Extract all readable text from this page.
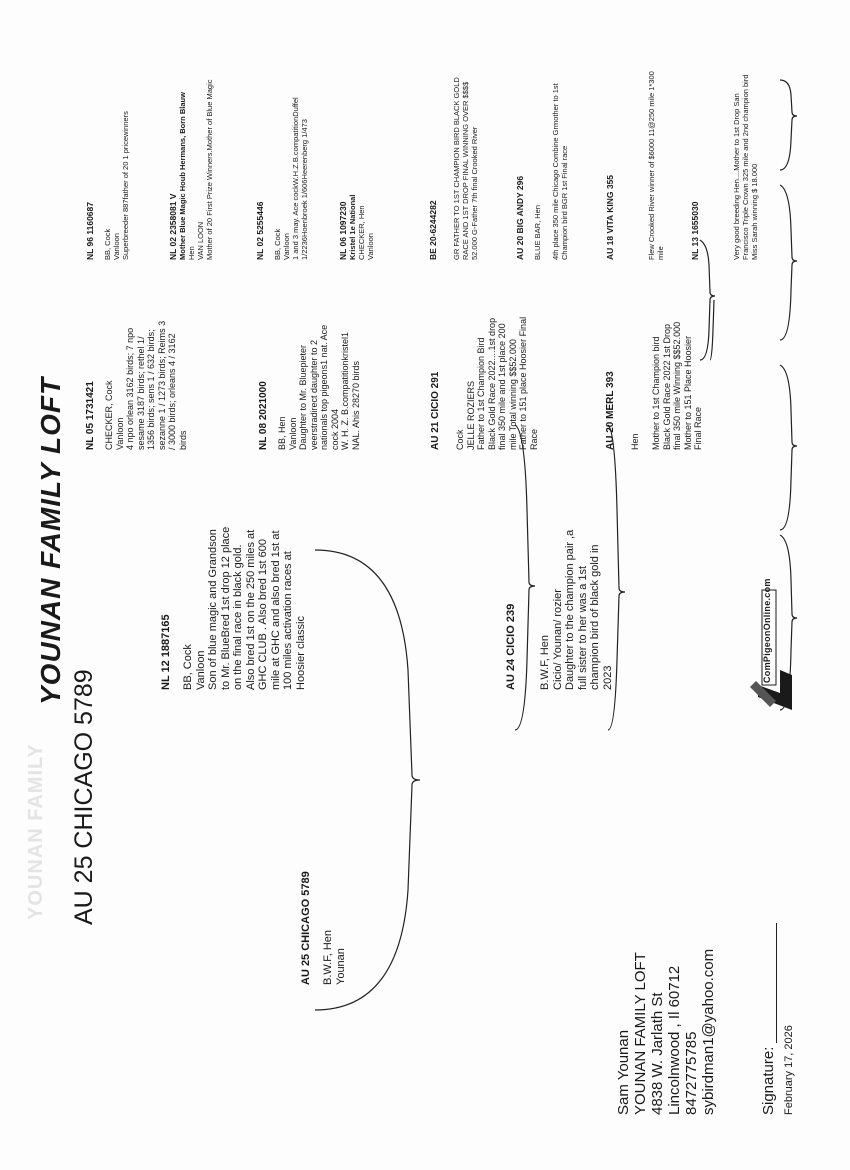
YOUNAN FAMILY
YOUNAN FAMILY LOFT
AU 25 CHICAGO 5789
AU 25 CHICAGO 5789 B.W.F, Hen Younan
NL 12 1887165 BB, Cock Vanloon Son of blue magic and Grandson to Mr. BlueBred 1st drop 12 place on the final race in black gold. Also bred 1st on the 250 miles at GHC CLUB . Also bred 1st 600 mile at GHC and also bred 1st at 100 miles activation races at Hoosier classic	AU 24 CICIO 239 B.W.F, Hen Cicio/ Younan/ rozier Daughter to the champion pair ,a full sister to her was a 1st champion bird of black gold in 2023
NL 05 1731421 CHECKER, Cock Vanloon 4 npo orlean 3162 birds; 7 npo sesame 3187 birds; rethel 1/ 1356 birds; sens 1 / 632 birds; sezanne 1 / 1273 birds; Reims 3 / 3000 birds; orleans 4 / 3162 birds	NL 08 2021000 BB, Hen Vanloon Daughter to Mr. Bluepieter veerstradirect daughter to 2 nationals top pigeons1 nat. Ace cock 2004 W. H. Z. B.compatitionkristel1 NAL. Ahis 28270 birds	AU 21 CICIO 291 Cock JELLE ROZIERS Father to 1st Champion Bird Black Gold Race 2022....1st drop final 350 mile and 1st place 200 mile Total winning $$52.000 Father to 151 place Hoosier Final Race	AU 20 MERL 393 Hen
Mother to 1st Champion bird Black Gold Race 2022 1st Drop final 350 mile Winning $$52.000 Mother to 151 Place Hoosier Final Race
NL 96 1160687 BB, Cock Vanloon Superbreeder 887father of 20 1 pricewinners	NL 02 2358081 V Mother Blue Magic Houb Hermans, Born Blauw Hen VAN LOON Mother of 20 First Prize Winners.Mother of Blue Magic	NL 02 5255446 BB, Cock Vanloon 1 and 3 may. Ace cockW.H.Z.B.compatitionDuffel 1/2236Hoenbroek 1/606Heerenberg 1/473	NL 06 1097230 Kristel 1e National CHECKER, Hen Vanloon	BE 20-6244282 GR FATHER TO 1ST CHAMPION BIRD BLACK GOLD RACE AND 1ST DROP FINAL WINNING OVER $$$$ 52.000 G-Father 7th final Crooked River	AU 20 BIG ANDY 296 BLUE BAR, Hen
4th place 350 mile Chicago Combine Grmother to 1st Champion bird BGR 1st Final race	AU 18 VITA KING 355

	Flew Crooked River winner of $6000 11@250 mile 1*300 mile	NL 13 1655030

	Very good breeding Hen....Mother to 1st Drop San Francisco Triple Crown 325 mile and 2nd champion bird Miss Sarah winning $ 18.000
ComPigeonOnline.com
Sam Younan YOUNAN FAMILY LOFT 4838 W. Jarlath St Lincolnwood , Il 60712 8472775785 sybirdman1@yahoo.com	Signature: February 17, 2026
